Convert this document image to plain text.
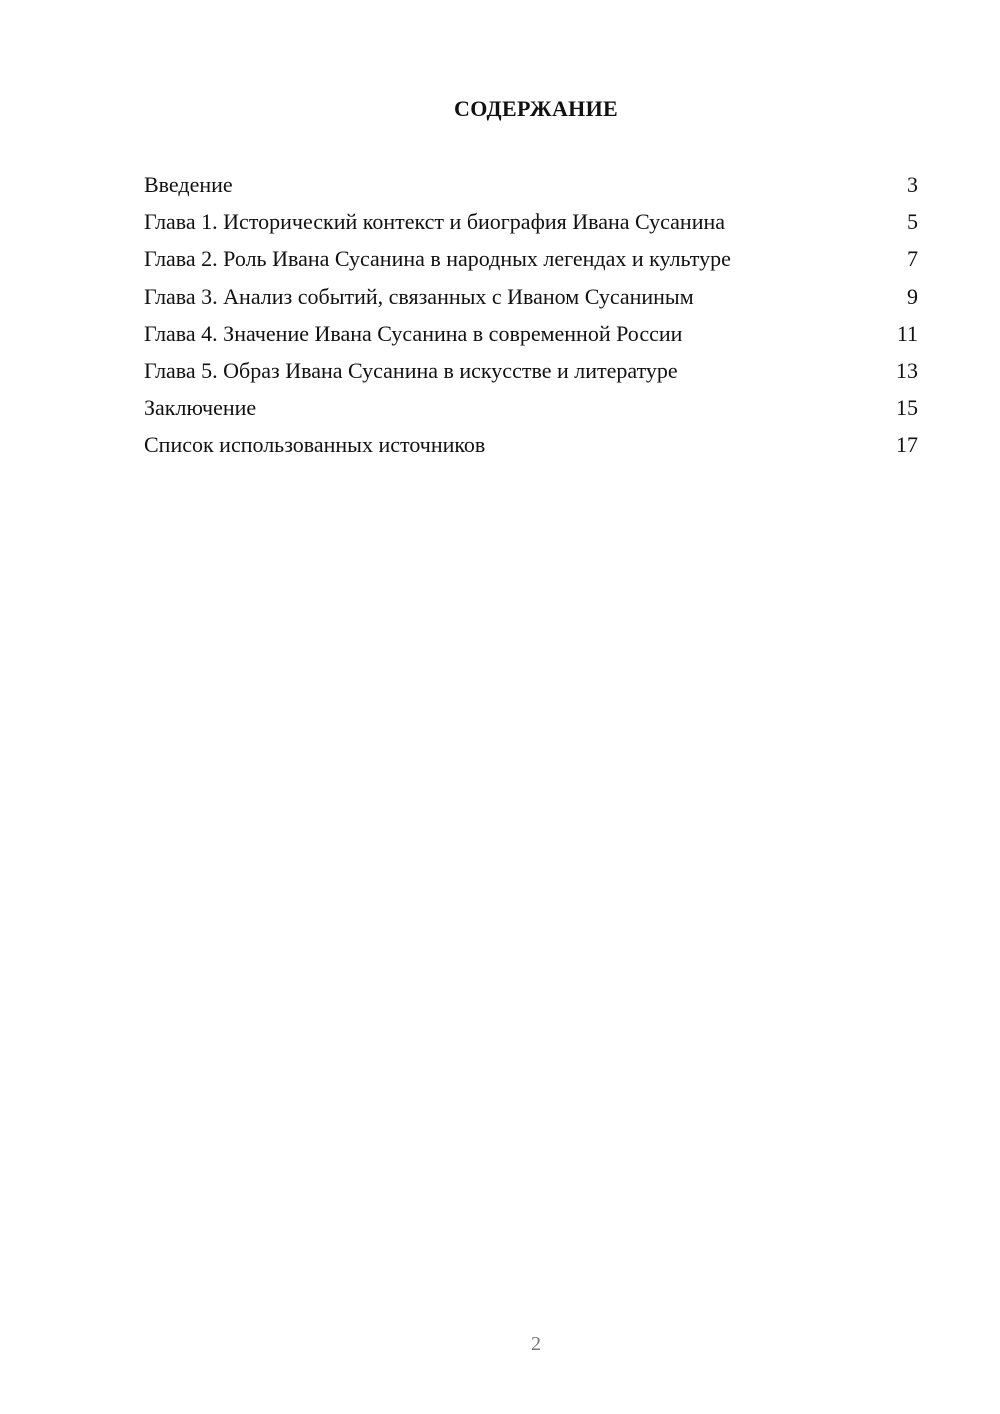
СОДЕРЖАНИЕ
Введение	3
Глава 1. Исторический контекст и биография Ивана Сусанина	5
Глава 2. Роль Ивана Сусанина в народных легендах и культуре	7
Глава 3. Анализ событий, связанных с Иваном Сусаниным	9
Глава 4. Значение Ивана Сусанина в современной России	11
Глава 5. Образ Ивана Сусанина в искусстве и литературе	13
Заключение	15
Список использованных источников	17
2
